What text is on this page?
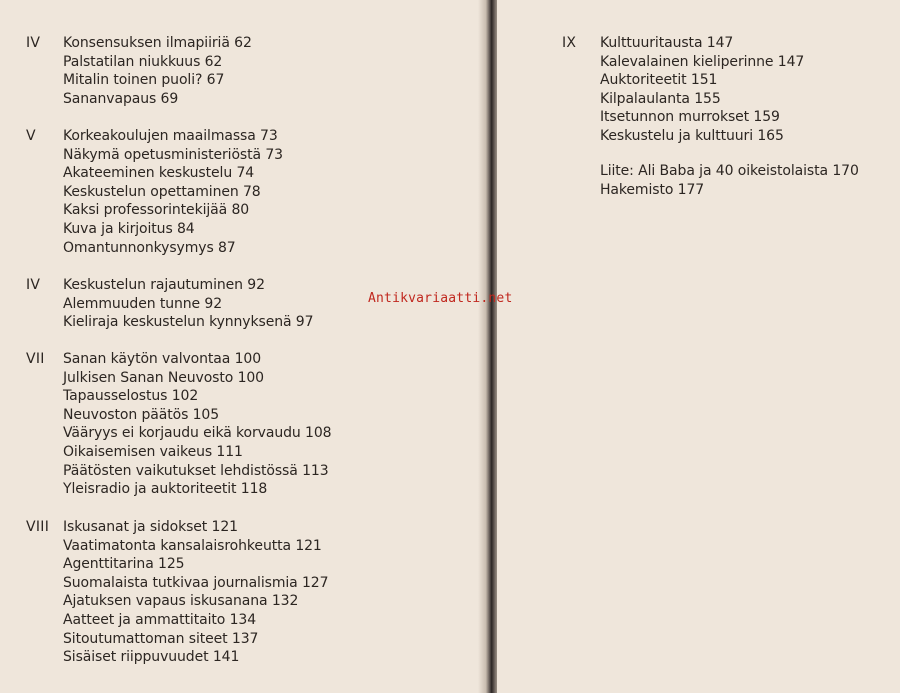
IV Konsensuksen ilmapiiriä 62
Palstatilan niukkuus 62
Mitalin toinen puoli? 67
Sananvapaus 69
V Korkeakoulujen maailmassa 73
Näkymä opetusministeriöstä 73
Akateeminen keskustelu 74
Keskustelun opettaminen 78
Kaksi professorintekijää 80
Kuva ja kirjoitus 84
Omantunnonkysymys 87
IV Keskustelun rajautuminen 92
Alemmuuden tunne 92
Kieliraja keskustelun kynnyksenä 97
VII Sanan käytön valvontaa 100
Julkisen Sanan Neuvosto 100
Tapausselostus 102
Neuvoston päätös 105
Vääryys ei korjaudu eikä korvaudu 108
Oikaisemisen vaikeus 111
Päätösten vaikutukset lehdistössä 113
Yleisradio ja auktoriteetit 118
VIII Iskusanat ja sidokset 121
Vaatimatonta kansalaisrohkeutta 121
Agenttitarina 125
Suomalaista tutkivaa journalismia 127
Ajatuksen vapaus iskusanana 132
Aatteet ja ammattitaito 134
Sitoutumattoman siteet 137
Sisäiset riippuvuudet 141
IX Kulttuuritausta 147
Kalevalainen kieliperinne 147
Auktoriteetit 151
Kilpalaulanta 155
Itsetunnon murrokset 159
Keskustelu ja kulttuuri 165
Liite: Ali Baba ja 40 oikeistolaista 170
Hakemisto 177
Antikvariaatti.net
